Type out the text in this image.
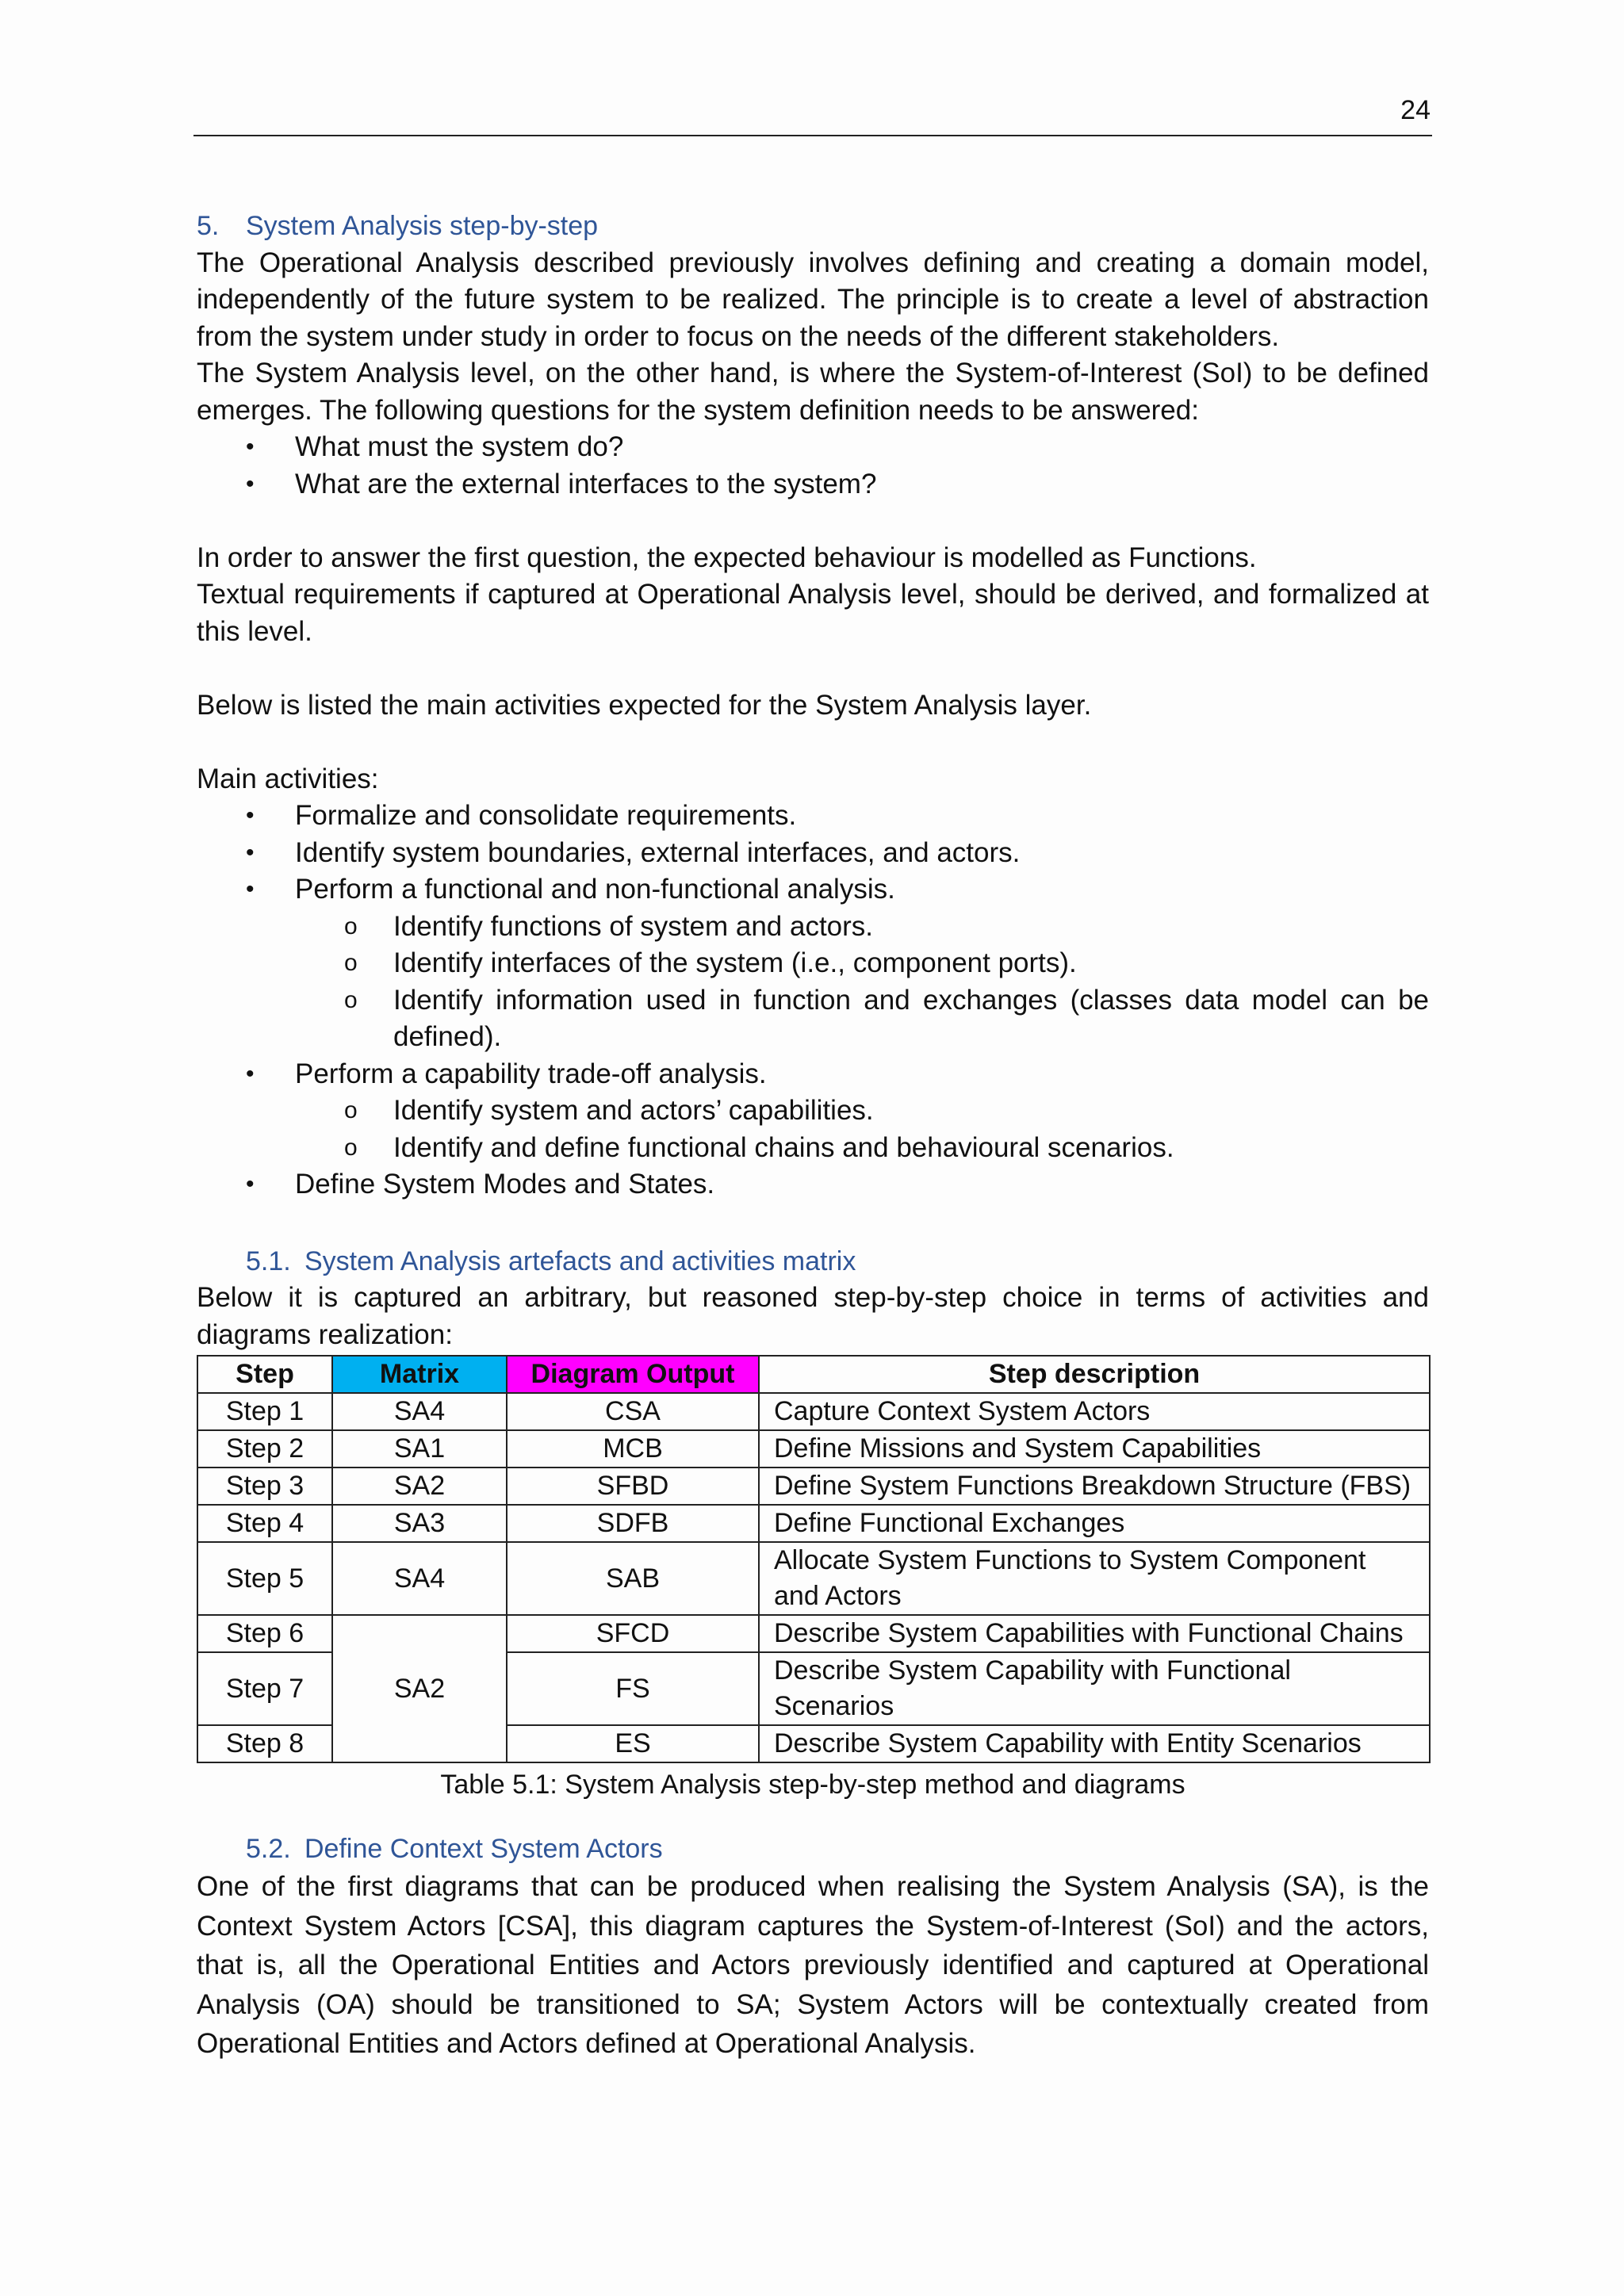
24
5. System Analysis step-by-step

The Operational Analysis described previously involves defining and creating a domain model, independently of the future system to be realized. The principle is to create a level of abstraction from the system under study in order to focus on the needs of the different stakeholders.

The System Analysis level, on the other hand, is where the System-of-Interest (SoI) to be defined emerges. The following questions for the system definition needs to be answered:

• What must the system do?
• What are the external interfaces to the system?

In order to answer the first question, the expected behaviour is modelled as Functions.

Textual requirements if captured at Operational Analysis level, should be derived, and formalized at this level.

Below is listed the main activities expected for the System Analysis layer.

Main activities:

• Formalize and consolidate requirements.
• Identify system boundaries, external interfaces, and actors.
• Perform a functional and non-functional analysis.
o Identify functions of system and actors.
o Identify interfaces of the system (i.e., component ports).
o Identify information used in function and exchanges (classes data model can be defined).
• Perform a capability trade-off analysis.
o Identify system and actors’ capabilities.
o Identify and define functional chains and behavioural scenarios.
• Define System Modes and States.
5.1. System Analysis artefacts and activities matrix

Below it is captured an arbitrary, but reasoned step-by-step choice in terms of activities and diagrams realization:

Step	Matrix	Diagram Output	Step description
Step 1	SA4	CSA	Capture Context System Actors
Step 2	SA1	MCB	Define Missions and System Capabilities
Step 3	SA2	SFBD	Define System Functions Breakdown Structure (FBS)
Step 4	SA3	SDFB	Define Functional Exchanges
Step 5	SA4	SAB	Allocate System Functions to System Component and Actors
Step 6	SA2	SFCD	Describe System Capabilities with Functional Chains
Step 7		FS	Describe System Capability with Functional Scenarios
Step 8		ES	Describe System Capability with Entity Scenarios
Table 5.1: System Analysis step-by-step method and diagrams
5.2. Define Context System Actors

One of the first diagrams that can be produced when realising the System Analysis (SA), is the Context System Actors [CSA], this diagram captures the System-of-Interest (SoI) and the actors, that is, all the Operational Entities and Actors previously identified and captured at Operational Analysis (OA) should be transitioned to SA; System Actors will be contextually created from Operational Entities and Actors defined at Operational Analysis.
